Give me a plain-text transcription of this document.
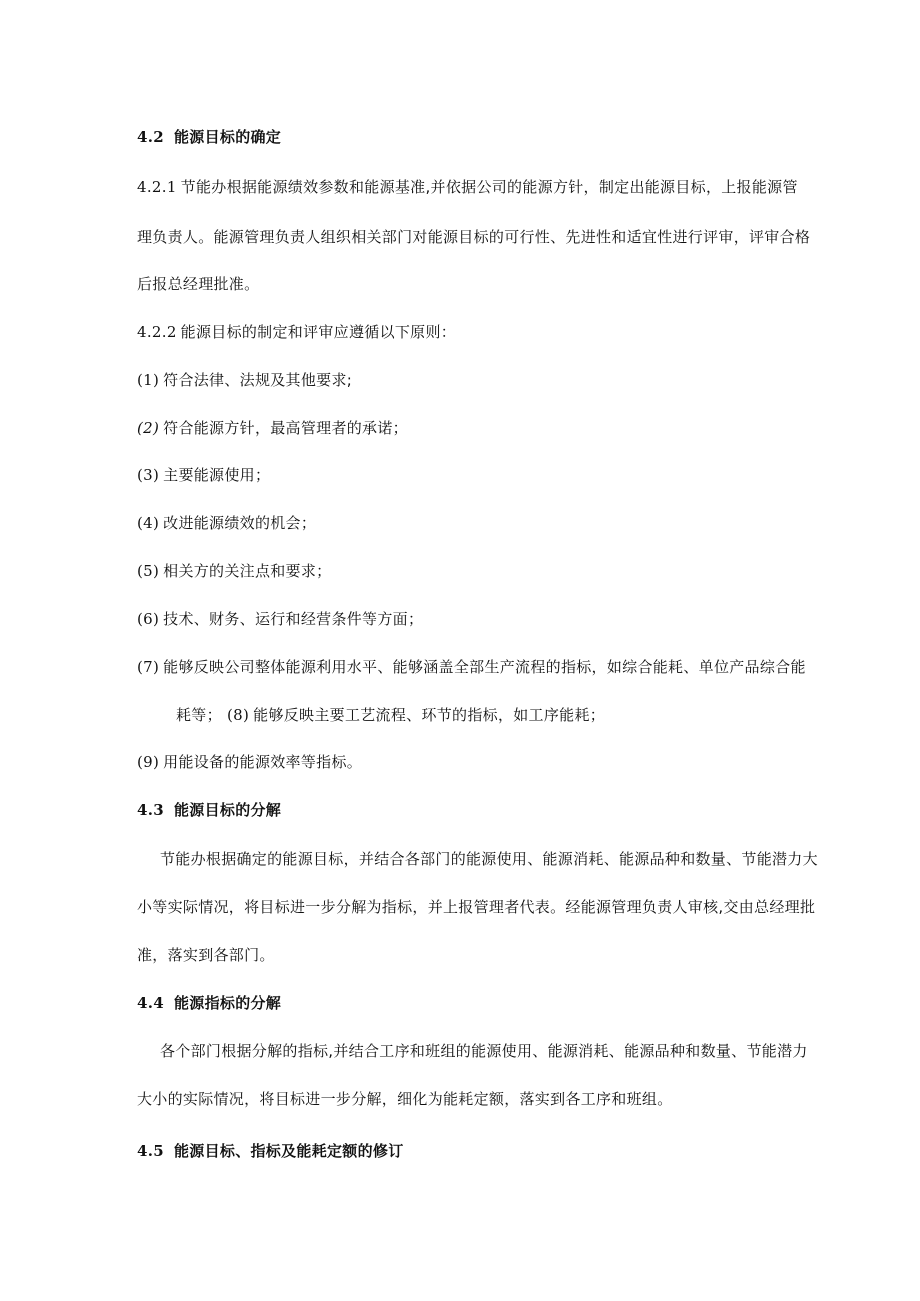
4.2 能源目标的确定
4.2.1 节能办根据能源绩效参数和能源基准,并依据公司的能源方针，制定出能源目标，上报能源管
理负责人。能源管理负责人组织相关部门对能源目标的可行性、先进性和适宜性进行评审，评审合格
后报总经理批准。
4.2.2 能源目标的制定和评审应遵循以下原则：
(1) 符合法律、法规及其他要求;
(2) 符合能源方针，最高管理者的承诺；
(3) 主要能源使用；
(4) 改进能源绩效的机会；
(5) 相关方的关注点和要求；
(6) 技术、财务、运行和经营条件等方面；
(7) 能够反映公司整体能源利用水平、能够涵盖全部生产流程的指标，如综合能耗、单位产品综合能
耗等； (8) 能够反映主要工艺流程、环节的指标，如工序能耗；
(9) 用能设备的能源效率等指标。
4.3 能源目标的分解
节能办根据确定的能源目标，并结合各部门的能源使用、能源消耗、能源品种和数量、节能潜力大
小等实际情况，将目标进一步分解为指标，并上报管理者代表。经能源管理负责人审核,交由总经理批
准，落实到各部门。
4.4 能源指标的分解
各个部门根据分解的指标,并结合工序和班组的能源使用、能源消耗、能源品种和数量、节能潜力
大小的实际情况，将目标进一步分解，细化为能耗定额，落实到各工序和班组。
4.5 能源目标、指标及能耗定额的修订
